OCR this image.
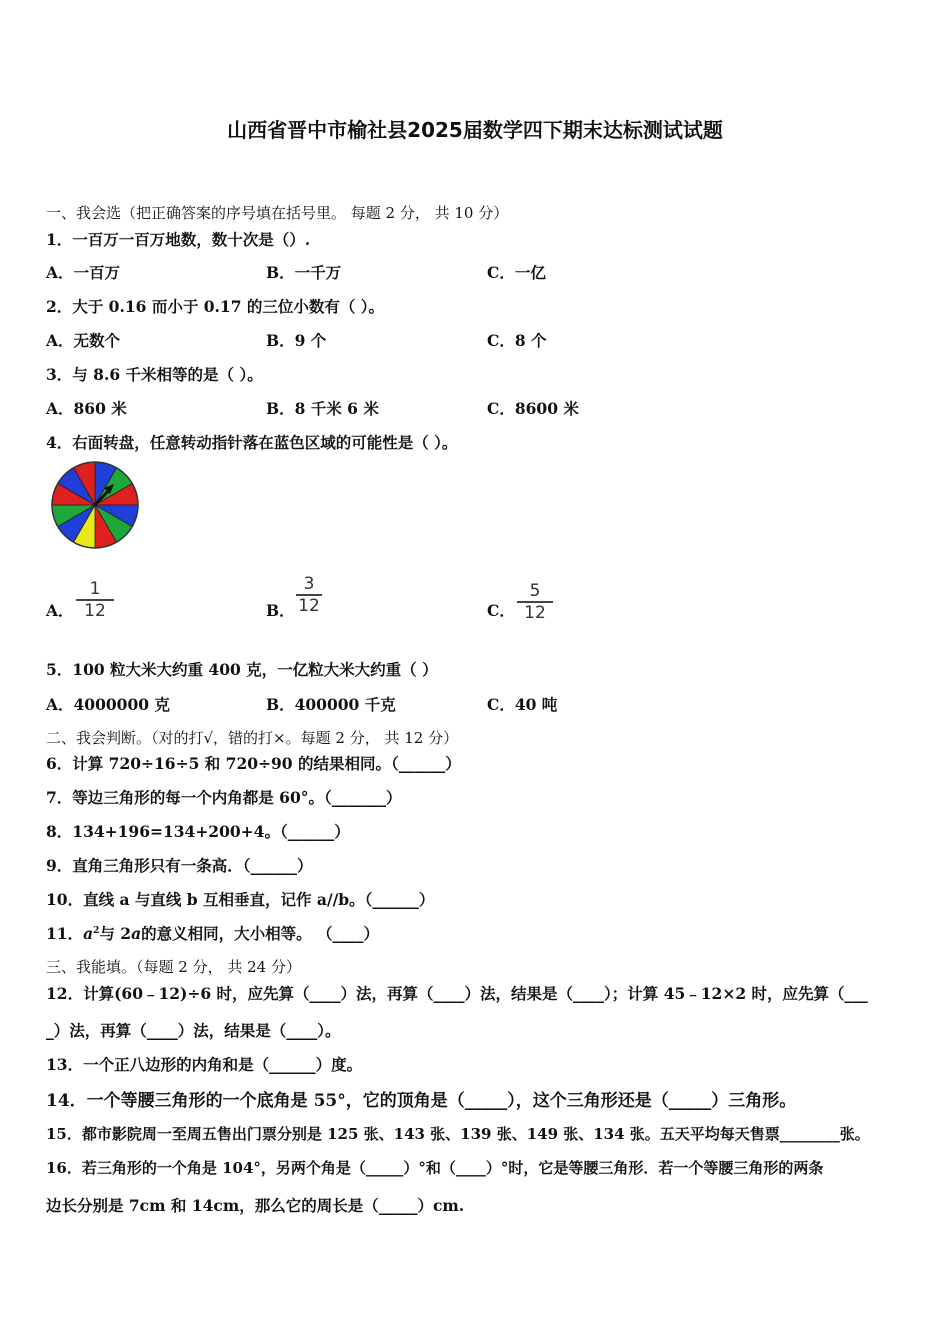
山西省晋中市榆社县2025届数学四下期末达标测试试题
一、我会选（把正确答案的序号填在括号里。 每题 2 分， 共 10 分）
1．一百万一百万地数，数十次是（）.
A．一百万	B．一千万	C．一亿
2．大于 0.16 而小于 0.17 的三位小数有（ ）。
A．无数个	B．9 个	C．8 个
3．与 8.6 千米相等的是（ ）。
A．860 米	B．8 千米 6 米	C．8600 米
4．右面转盘，任意转动指针落在蓝色区域的可能性是（ ）。
A．
1
12	B．
3
12	C．
5
12
5．100 粒大米大约重 400 克，一亿粒大米大约重（ ）
A．4000000 克	B．400000 千克	C．40 吨
二、我会判断。（对的打√，错的打×。每题 2 分， 共 12 分）
6．计算 720÷16÷5 和 720÷90 的结果相同。（______）
7．等边三角形的每一个内角都是 60°。（_______）
8．134+196=134+200+4。（______）
9．直角三角形只有一条高．（______）
10．直线 a 与直线 b 互相垂直，记作 a//b。（______）
11．$a^2$与 2a的意义相同，大小相等。 （____）
三、我能填。（每题 2 分， 共 24 分）
12．计算(60﹣12)÷6 时，应先算（____）法，再算（____）法，结果是（____）；计算 45﹣12×2 时，应先算（___
_）法，再算（____）法，结果是（____）。
13．一个正八边形的内角和是（______）度。
14．一个等腰三角形的一个底角是 55°，它的顶角是（_____），这个三角形还是（_____）三角形。
15．都市影院周一至周五售出门票分别是 125 张、143 张、139 张、149 张、134 张。五天平均每天售票________张。
16．若三角形的一个角是 104°，另两个角是（_____）°和（____）°时，它是等腰三角形．若一个等腰三角形的两条
边长分别是 7cm 和 14cm，那么它的周长是（_____）cm.
